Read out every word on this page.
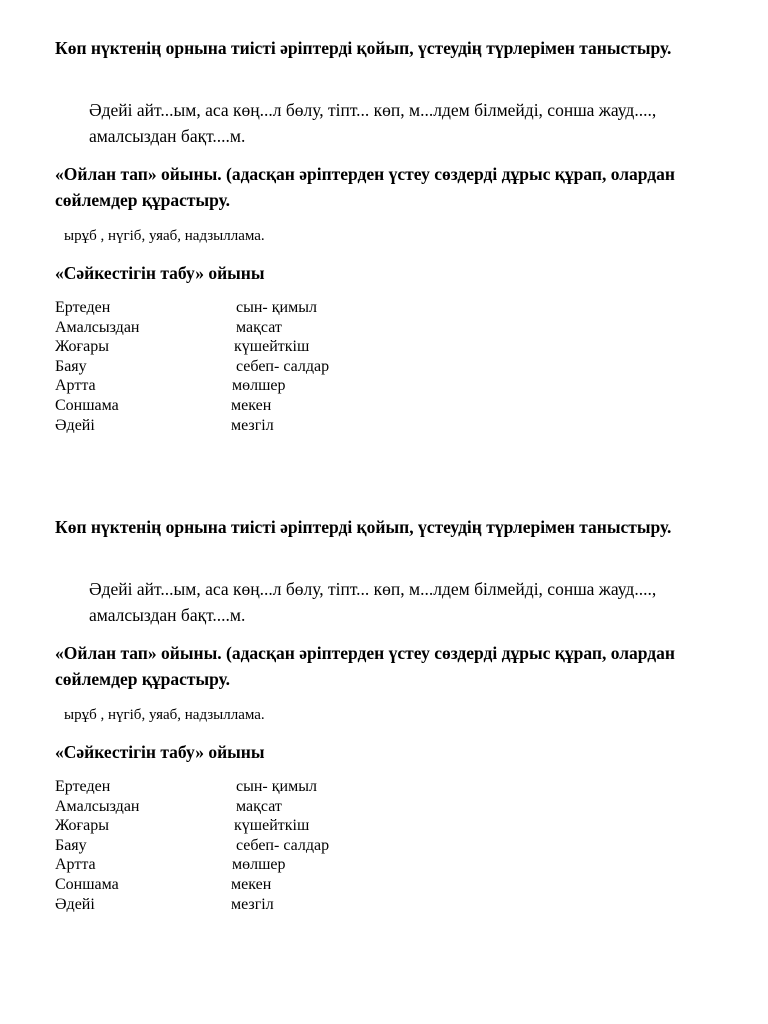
Көп нүктенің орнына тиісті әріптерді қойып, үстеудің түрлерімен таныстыру.
Әдейі айт...ым, аса көң...л бөлу, тіпт... көп, м...лдем білмейді, сонша жауд...., амалсыздан бақт....м.
«Ойлан тап» ойыны. (адасқан әріптерден үстеу сөздерді дұрыс құрап, олардан сөйлемдер құрастыру.
ырұб , нүгіб, уяаб, надзыллама.
«Сәйкестігін табу» ойыны
Ертеден	сын- қимыл
Амалсыздан	мақсат
Жоғары	күшейткіш
Баяу	себеп- салдар
Артта	мөлшер
Соншама	мекен
Әдейі	мезгіл
Көп нүктенің орнына тиісті әріптерді қойып, үстеудің түрлерімен таныстыру.
Әдейі айт...ым, аса көң...л бөлу, тіпт... көп, м...лдем білмейді, сонша жауд...., амалсыздан бақт....м.
«Ойлан тап» ойыны. (адасқан әріптерден үстеу сөздерді дұрыс құрап, олардан сөйлемдер құрастыру.
ырұб , нүгіб, уяаб, надзыллама.
«Сәйкестігін табу» ойыны
Ертеден	сын- қимыл
Амалсыздан	мақсат
Жоғары	күшейткіш
Баяу	себеп- салдар
Артта	мөлшер
Соншама	мекен
Әдейі	мезгіл
